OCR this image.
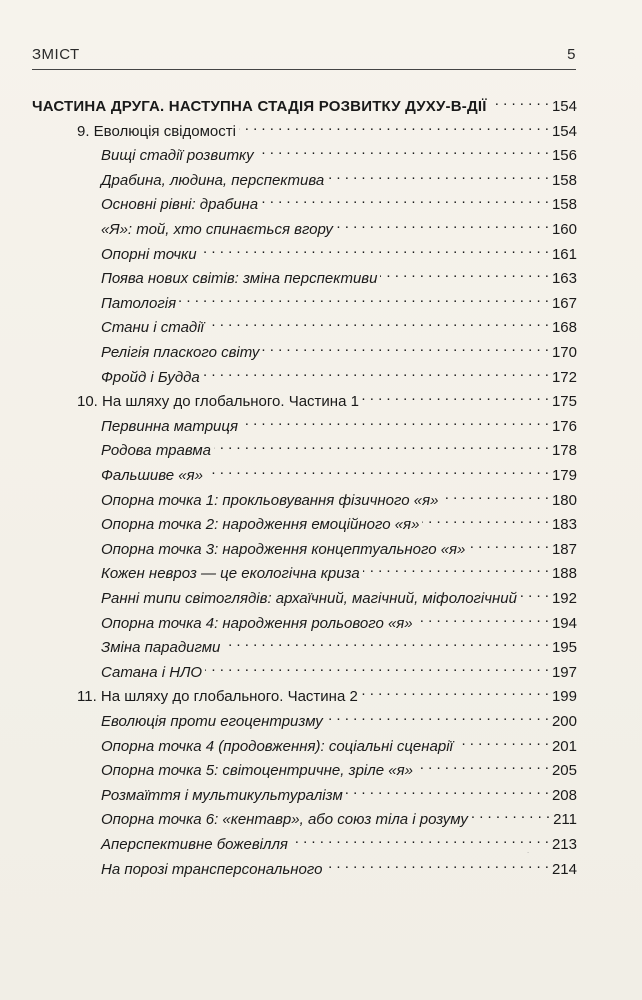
ЗМІСТ	5
ЧАСТИНА ДРУГА. НАСТУПНА СТАДІЯ РОЗВИТКУ ДУХУ-В-ДІЇ . . .	154
9. Еволюція свідомості . . .	154
Вищі стадії розвитку . . .	156
Драбина, людина, перспектива . . .	158
Основні рівні: драбина . . .	158
«Я»: той, хто спинається вгору . . .	160
Опорні точки . . .	161
Поява нових світів: зміна перспективи . . .	163
Патологія . . .	167
Стани і стадії . . .	168
Релігія плаского світу . . .	170
Фройд і Будда . . .	172
10. На шляху до глобального. Частина 1 . . .	175
Первинна матриця . . .	176
Родова травма . . .	178
Фальшиве «я» . . .	179
Опорна точка 1: прокльовування фізичного «я» . . .	180
Опорна точка 2: народження емоційного «я» . . .	183
Опорна точка 3: народження концептуального «я» . . .	187
Кожен невроз — це екологічна криза . . .	188
Ранні типи світоглядів: архаїчний, магічний, міфологічний . . . 192
Опорна точка 4: народження рольового «я» . . .	194
Зміна парадигми . . .	195
Сатана і НЛО . . .	197
11. На шляху до глобального. Частина 2 . . .	199
Еволюція проти егоцентризму . . .	200
Опорна точка 4 (продовження): соціальні сценарії . . .	201
Опорна точка 5: світоцентричне, зріле «я» . . .	205
Розмаїття і мультикультуралізм . . .	208
Опорна точка 6: «кентавр», або союз тіла і розуму . . .	211
Аперспективне божевілля . . .	213
На порозі трансперсонального . . .	214
˙
